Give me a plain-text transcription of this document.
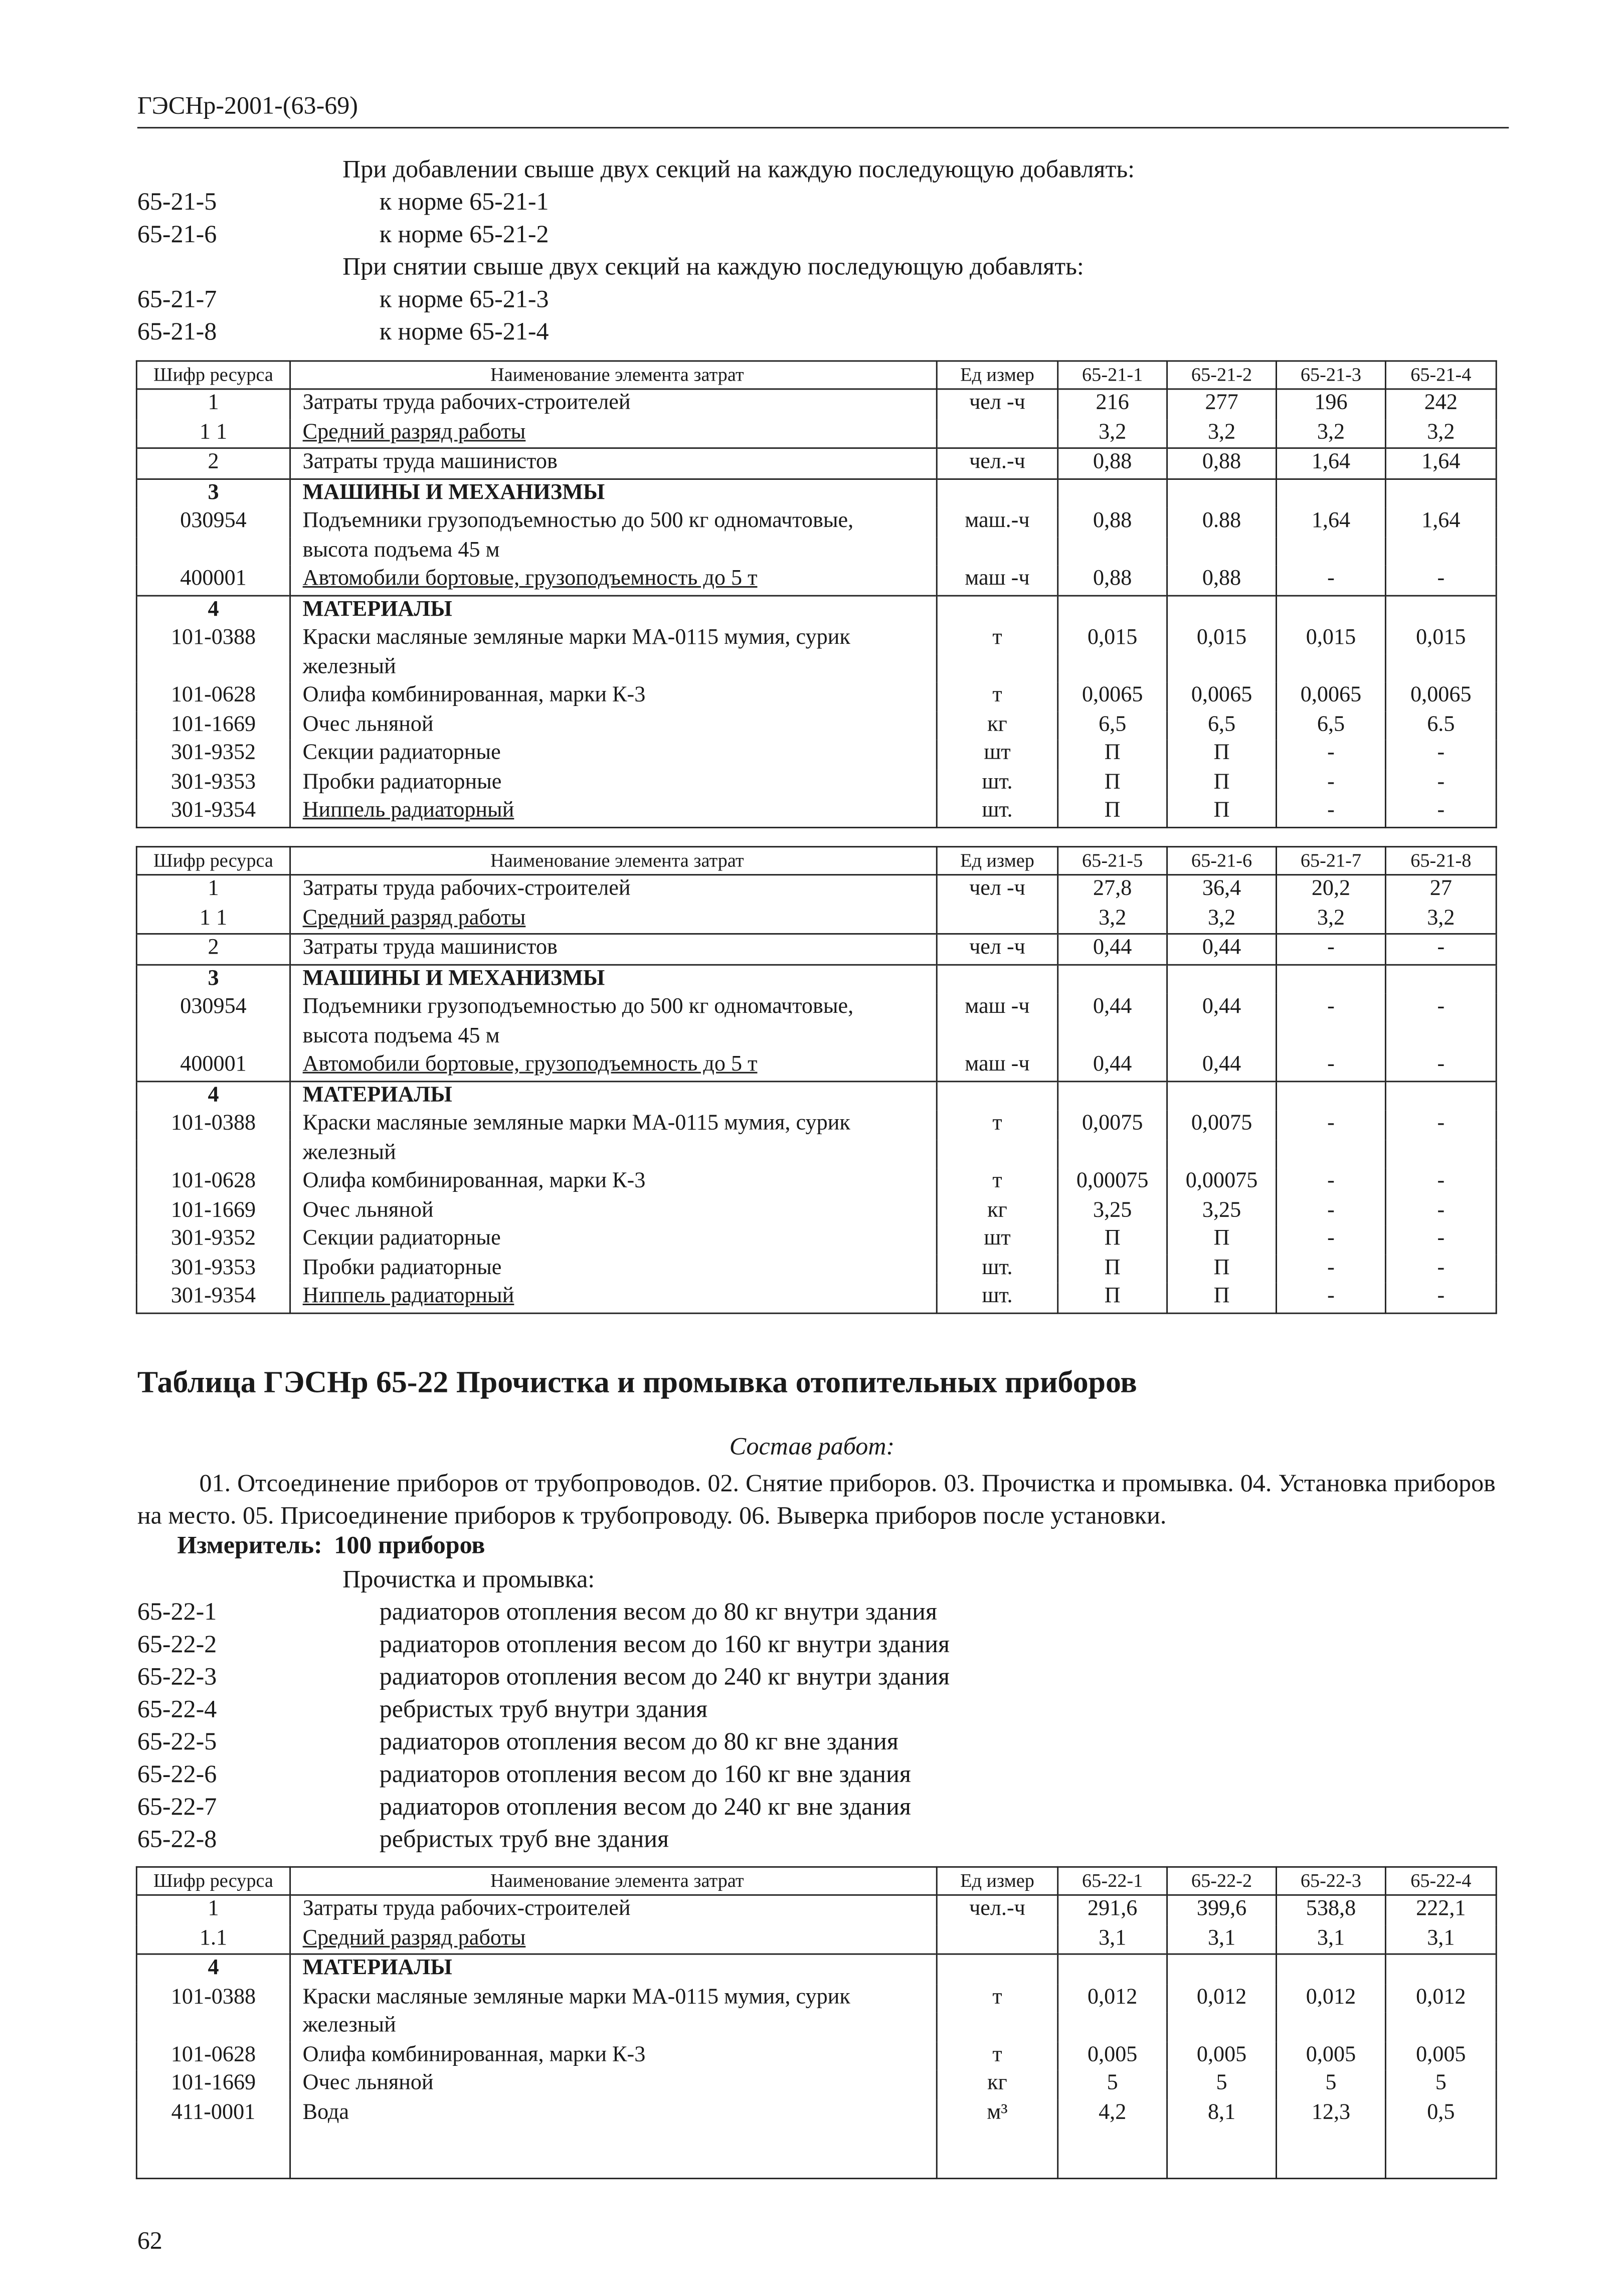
ГЭСНр-2001-(63-69)
При добавлении свыше двух секций на каждую последующую добавлять:
65-21-5	к норме 65-21-1
65-21-6	к норме 65-21-2
При снятии свыше двух секций на каждую последующую добавлять:
65-21-7	к норме 65-21-3
65-21-8	к норме 65-21-4
Шифр ресурса	Наименование элемента затрат	Ед измер	65-21-1	65-21-2	65-21-3	65-21-4
1	Затраты труда рабочих-строителей	чел -ч	216	277	196	242
1 1	Средний разряд работы		3,2	3,2	3,2	3,2
2	Затраты труда машинистов	чел.-ч	0,88	0,88	1,64	1,64
3	МАШИНЫ И МЕХАНИЗМЫ					
030954	Подъемники грузоподъемностью до 500 кг одномачтовые,	маш.-ч	0,88	0.88	1,64	1,64
	высота подъема 45 м					
400001	Автомобили бортовые, грузоподъемность до 5 т	маш -ч	0,88	0,88	-	-
4	МАТЕРИАЛЫ					
101-0388	Краски масляные земляные марки МА-0115 мумия, сурик	т	0,015	0,015	0,015	0,015
	железный					
101-0628	Олифа комбинированная, марки К-3	т	0,0065	0,0065	0,0065	0,0065
101-1669	Очес льняной	кг	6,5	6,5	6,5	6.5
301-9352	Секции радиаторные	шт	П	П	-	-
301-9353	Пробки радиаторные	шт.	П	П	-	-
301-9354	Ниппель радиаторный	шт.	П	П	-	-
Шифр ресурса	Наименование элемента затрат	Ед измер	65-21-5	65-21-6	65-21-7	65-21-8
1	Затраты труда рабочих-строителей	чел -ч	27,8	36,4	20,2	27
1 1	Средний разряд работы		3,2	3,2	3,2	3,2
2	Затраты труда машинистов	чел -ч	0,44	0,44	-	-
3	МАШИНЫ И МЕХАНИЗМЫ					
030954	Подъемники грузоподъемностью до 500 кг одномачтовые,	маш -ч	0,44	0,44	-	-
	высота подъема 45 м					
400001	Автомобили бортовые, грузоподъемность до 5 т	маш -ч	0,44	0,44	-	-
4	МАТЕРИАЛЫ					
101-0388	Краски масляные земляные марки МА-0115 мумия, сурик	т	0,0075	0,0075	-	-
	железный					
101-0628	Олифа комбинированная, марки К-3	т	0,00075	0,00075	-	-
101-1669	Очес льняной	кг	3,25	3,25	-	-
301-9352	Секции радиаторные	шт	П	П	-	-
301-9353	Пробки радиаторные	шт.	П	П	-	-
301-9354	Ниппель радиаторный	шт.	П	П	-	-
Таблица ГЭСНр 65-22 Прочистка и промывка отопительных приборов
Состав работ:
01. Отсоединение приборов от трубопроводов. 02. Снятие приборов. 03. Прочистка и промывка. 04. Установка приборов на место. 05. Присоединение приборов к трубопроводу. 06. Выверка приборов после установки.
Измеритель: 100 приборов
Прочистка и промывка:
65-22-1	радиаторов отопления весом до 80 кг внутри здания
65-22-2	радиаторов отопления весом до 160 кг внутри здания
65-22-3	радиаторов отопления весом до 240 кг внутри здания
65-22-4	ребристых труб внутри здания
65-22-5	радиаторов отопления весом до 80 кг вне здания
65-22-6	радиаторов отопления весом до 160 кг вне здания
65-22-7	радиаторов отопления весом до 240 кг вне здания
65-22-8	ребристых труб вне здания
Шифр ресурса	Наименование элемента затрат	Ед измер	65-22-1	65-22-2	65-22-3	65-22-4
1	Затраты труда рабочих-строителей	чел.-ч	291,6	399,6	538,8	222,1
1.1	Средний разряд работы		3,1	3,1	3,1	3,1
4	МАТЕРИАЛЫ					
101-0388	Краски масляные земляные марки МА-0115 мумия, сурик	т	0,012	0,012	0,012	0,012
	железный					
101-0628	Олифа комбинированная, марки К-3	т	0,005	0,005	0,005	0,005
101-1669	Очес льняной	кг	5	5	5	5
411-0001	Вода	м³	4,2	8,1	12,3	0,5

62
